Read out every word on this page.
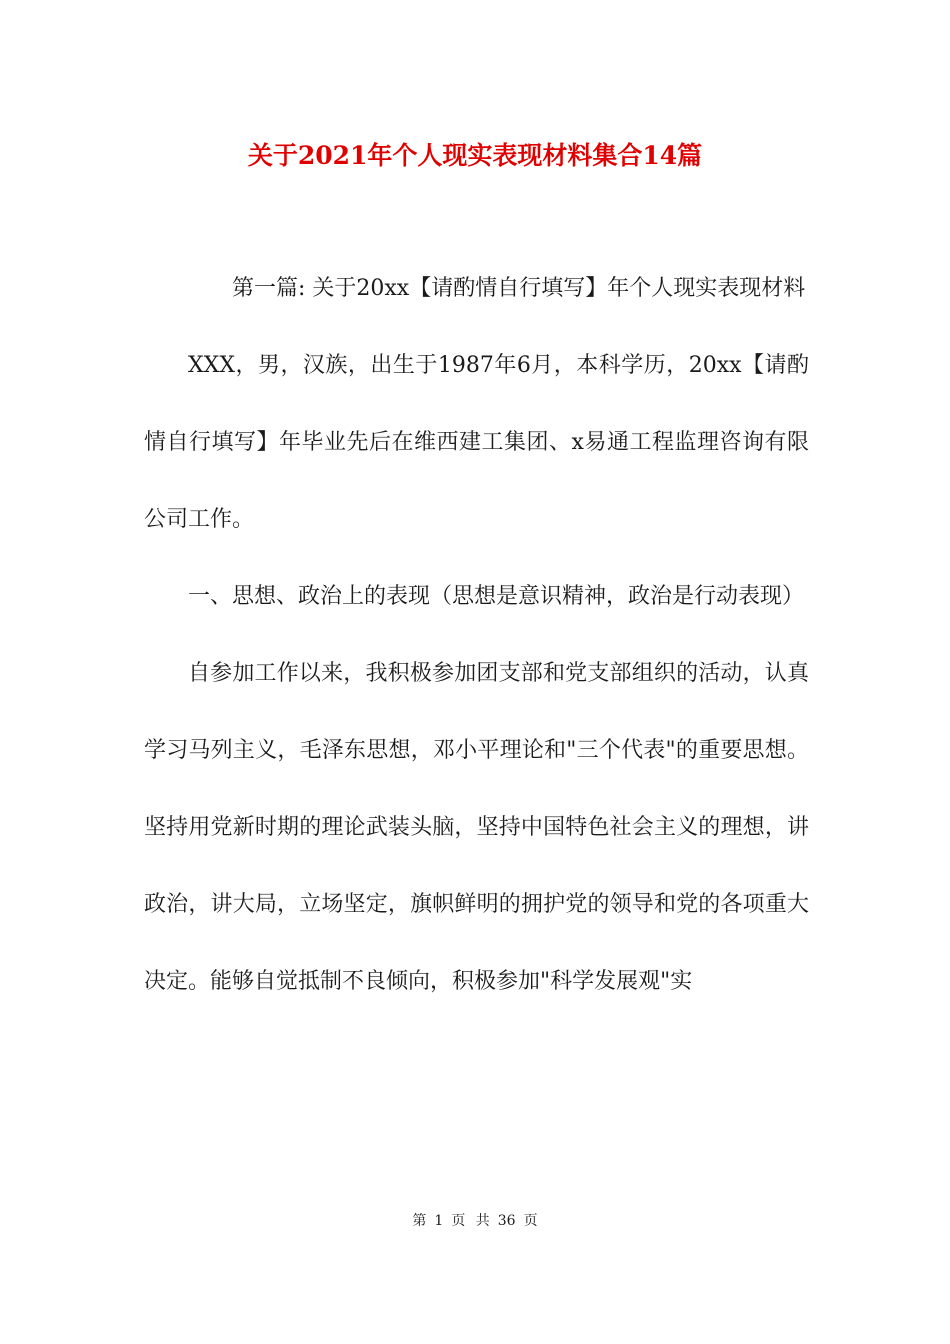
关于2021年个人现实表现材料集合14篇

第一篇: 关于20xx【请酌情自行填写】年个人现实表现材料

XXX，男，汉族，出生于1987年6月，本科学历，20xx【请酌情自行填写】年毕业先后在维西建工集团、x易通工程监理咨询有限公司工作。

一、思想、政治上的表现（思想是意识精神，政治是行动表现）

自参加工作以来，我积极参加团支部和党支部组织的活动，认真学习马列主义，毛泽东思想，邓小平理论和"三个代表"的重要思想。坚持用党新时期的理论武装头脑，坚持中国特色社会主义的理想，讲政治，讲大局，立场坚定，旗帜鲜明的拥护党的领导和党的各项重大决定。能够自觉抵制不良倾向，积极参加"科学发展观"实

第 1 页 共 36 页
